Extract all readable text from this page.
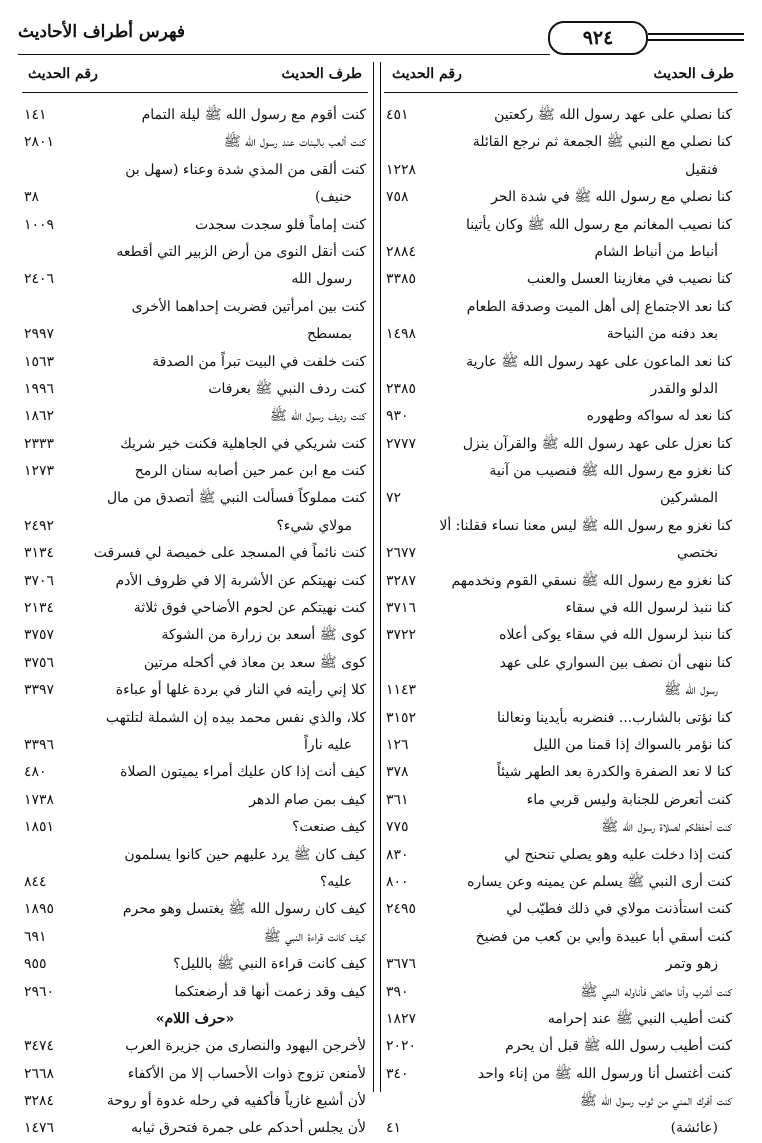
٩٢٤
فهرس أطراف الأحاديث
طرف الحديث
رقم الحديث
طرف الحديث
رقم الحديث
كنا نصلي على عهد رسول الله ﷺ ركعتين
٤٥١
كنا نصلي مع النبي ﷺ الجمعة ثم نرجع القائلة
فنقيل
١٢٢٨
كنا نصلي مع رسول الله ﷺ في شدة الحر
٧٥٨
كنا نصيب المغانم مع رسول الله ﷺ وكان يأتينا
أنباط من أنباط الشام
٢٨٨٤
كنا نصيب في مغازينا العسل والعنب
٣٣٨٥
كنا نعد الاجتماع إلى أهل الميت وصدقة الطعام
بعد دفنه من النياحة
١٤٩٨
كنا نعد الماعون على عهد رسول الله ﷺ عارية
الدلو والقدر
٢٣٨٥
كنا نعد له سواكه وطهوره
٩٣٠
كنا نعزل على عهد رسول الله ﷺ والقرآن ينزل
٢٧٧٧
كنا نغزو مع رسول الله ﷺ فنصيب من آنية
المشركين
٧٢
كنا نغزو مع رسول الله ﷺ ليس معنا نساء فقلنا: ألا
نختصي
٢٦٧٧
كنا نغزو مع رسول الله ﷺ نسقي القوم ونخدمهم
٣٢٨٧
كنا ننبذ لرسول الله في سقاء
٣٧١٦
كنا ننبذ لرسول الله في سقاء يوكى أعلاه
٣٧٢٢
كنا ننهى أن نصف بين السواري على عهد
رسول الله ﷺ
١١٤٣
كنا نؤتى بالشارب... فنضربه بأيدينا ونعالنا
٣١٥٢
كنا نؤمر بالسواك إذا قمنا من الليل
١٢٦
كنا لا نعد الصفرة والكدرة بعد الطهر شيئاً
٣٧٨
كنت أتعرض للجنابة وليس قربي ماء
٣٦١
كنت أحفظكم لصلاة رسول الله ﷺ
٧٧٥
كنت إذا دخلت عليه وهو يصلي تنحنح لي
٨٣٠
كنت أرى النبي ﷺ يسلم عن يمينه وعن يساره
٨٠٠
كنت استأذنت مولاي في ذلك فطيّب لي
٢٤٩٥
كنت أسقي أبا عبيدة وأبي بن كعب من فضيخ
زهو وتمر
٣٦٧٦
كنت أشرب وأنا حائض فأناوله النبي ﷺ
٣٩٠
كنت أطيب النبي ﷺ عند إحرامه
١٨٢٧
كنت أطيب رسول الله ﷺ قبل أن يحرم
٢٠٢٠
كنت أغتسل أنا ورسول الله ﷺ من إناء واحد
٣٤٠
كنت أفرك المني من ثوب رسول الله ﷺ
(عائشة)
٤١
كنت أقوم مع رسول الله ﷺ ليلة التمام
١٤١
كنت ألعب بالبنات عند رسول الله ﷺ
٢٨٠١
كنت ألقى من المذي شدة وعناء (سهل بن
حنيف)
٣٨
كنت إماماً فلو سجدت سجدت
١٠٠٩
كنت أنقل النوى من أرض الزبير التي أقطعه
رسول الله
٢٤٠٦
كنت بين امرأتين فضربت إحداهما الأخرى
بمسطح
٢٩٩٧
كنت خلفت في البيت تبراً من الصدقة
١٥٦٣
كنت ردف النبي ﷺ بعرفات
١٩٩٦
كنت رديف رسول الله ﷺ
١٨٦٢
كنت شريكي في الجاهلية فكنت خير شريك
٢٣٣٣
كنت مع ابن عمر حين أصابه سنان الرمح
١٢٧٣
كنت مملوكاً فسألت النبي ﷺ أتصدق من مال
مولاي شيء؟
٢٤٩٢
كنت نائماً في المسجد على خميصة لي فسرقت
٣١٣٤
كنت نهيتكم عن الأشربة إلا في ظروف الأدم
٣٧٠٦
كنت نهيتكم عن لحوم الأضاحي فوق ثلاثة
٢١٣٤
كوى ﷺ أسعد بن زرارة من الشوكة
٣٧٥٧
كوى ﷺ سعد بن معاذ في أكحله مرتين
٣٧٥٦
كلا إني رأيته في النار في بردة غلها أو عباءة
٣٣٩٧
كلا، والذي نفس محمد بيده إن الشملة لتلتهب
عليه ناراً
٣٣٩٦
كيف أنت إذا كان عليك أمراء يميتون الصلاة
٤٨٠
كيف بمن صام الدهر
١٧٣٨
كيف صنعت؟
١٨٥١
كيف كان ﷺ يرد عليهم حين كانوا يسلمون
عليه؟
٨٤٤
كيف كان رسول الله ﷺ يغتسل وهو محرم
١٨٩٥
كيف كانت قراءة النبي ﷺ
٦٩١
كيف كانت قراءة النبي ﷺ بالليل؟
٩٥٥
كيف وقد زعمت أنها قد أرضعتكما
٢٩٦٠
«حرف اللام»
لأخرجن اليهود والنصارى من جزيرة العرب
٣٤٧٤
لأمنعن تزوج ذوات الأحساب إلا من الأكفاء
٢٦٦٨
لأن أشبع غازياً فأكفيه في رحله غدوة أو روحة
٣٢٨٤
لأن يجلس أحدكم على جمرة فتحرق ثيابه
١٤٧٦
